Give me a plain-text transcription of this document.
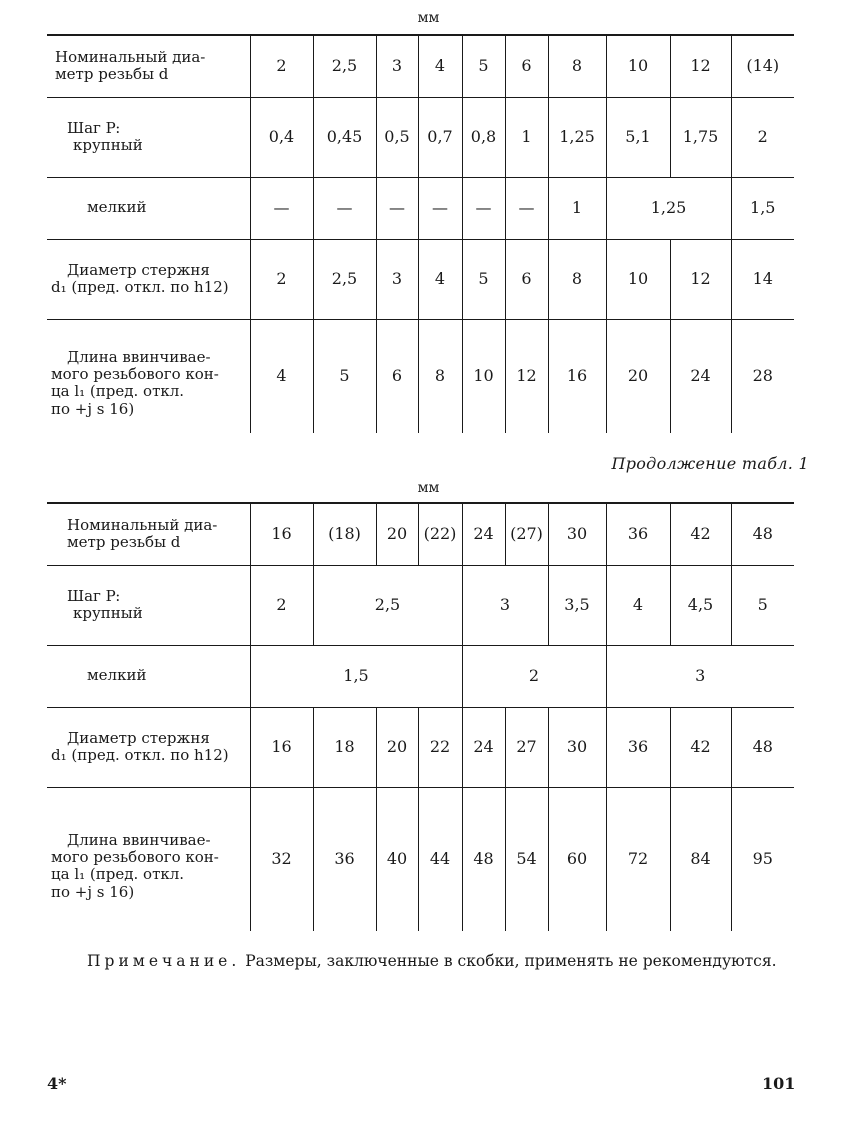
мм
Номинальный диа-
метр резьбы d	2	2,5	3	4	5	6	8	10	12	(14)

Шаг P:
крупный	0,4	0,45	0,5	0,7	0,8	1	1,25	5,1	1,75	2

мелкий	—	—	—	—	—	—	1	1,25		1,5

Диаметр стержня
d₁ (пред. откл. по h12)	2	2,5	3	4	5	6	8	10	12	14

Длина ввинчивае-
мого резьбового кон-
ца l₁ (пред. откл.
по +j s 16)	4	5	6	8	10	12	16	20	24	28
Продолжение табл. 1
мм
Номинальный диа-
метр резьбы d	16	(18)	20	(22)	24	(27)	30	36	42	48

Шаг P:
крупный	2	2,5			3		3,5	4	4,5	5

мелкий	1,5				2			3		

Диаметр стержня
d₁ (пред. откл. по h12)	16	18	20	22	24	27	30	36	42	48

Длина ввинчивае-
мого резьбового кон-
ца l₁ (пред. откл.
по +j s 16)	32	36	40	44	48	54	60	72	84	95
Примечание. Размеры, заключенные в скобки, применять не рекомендуются.
4*	101
